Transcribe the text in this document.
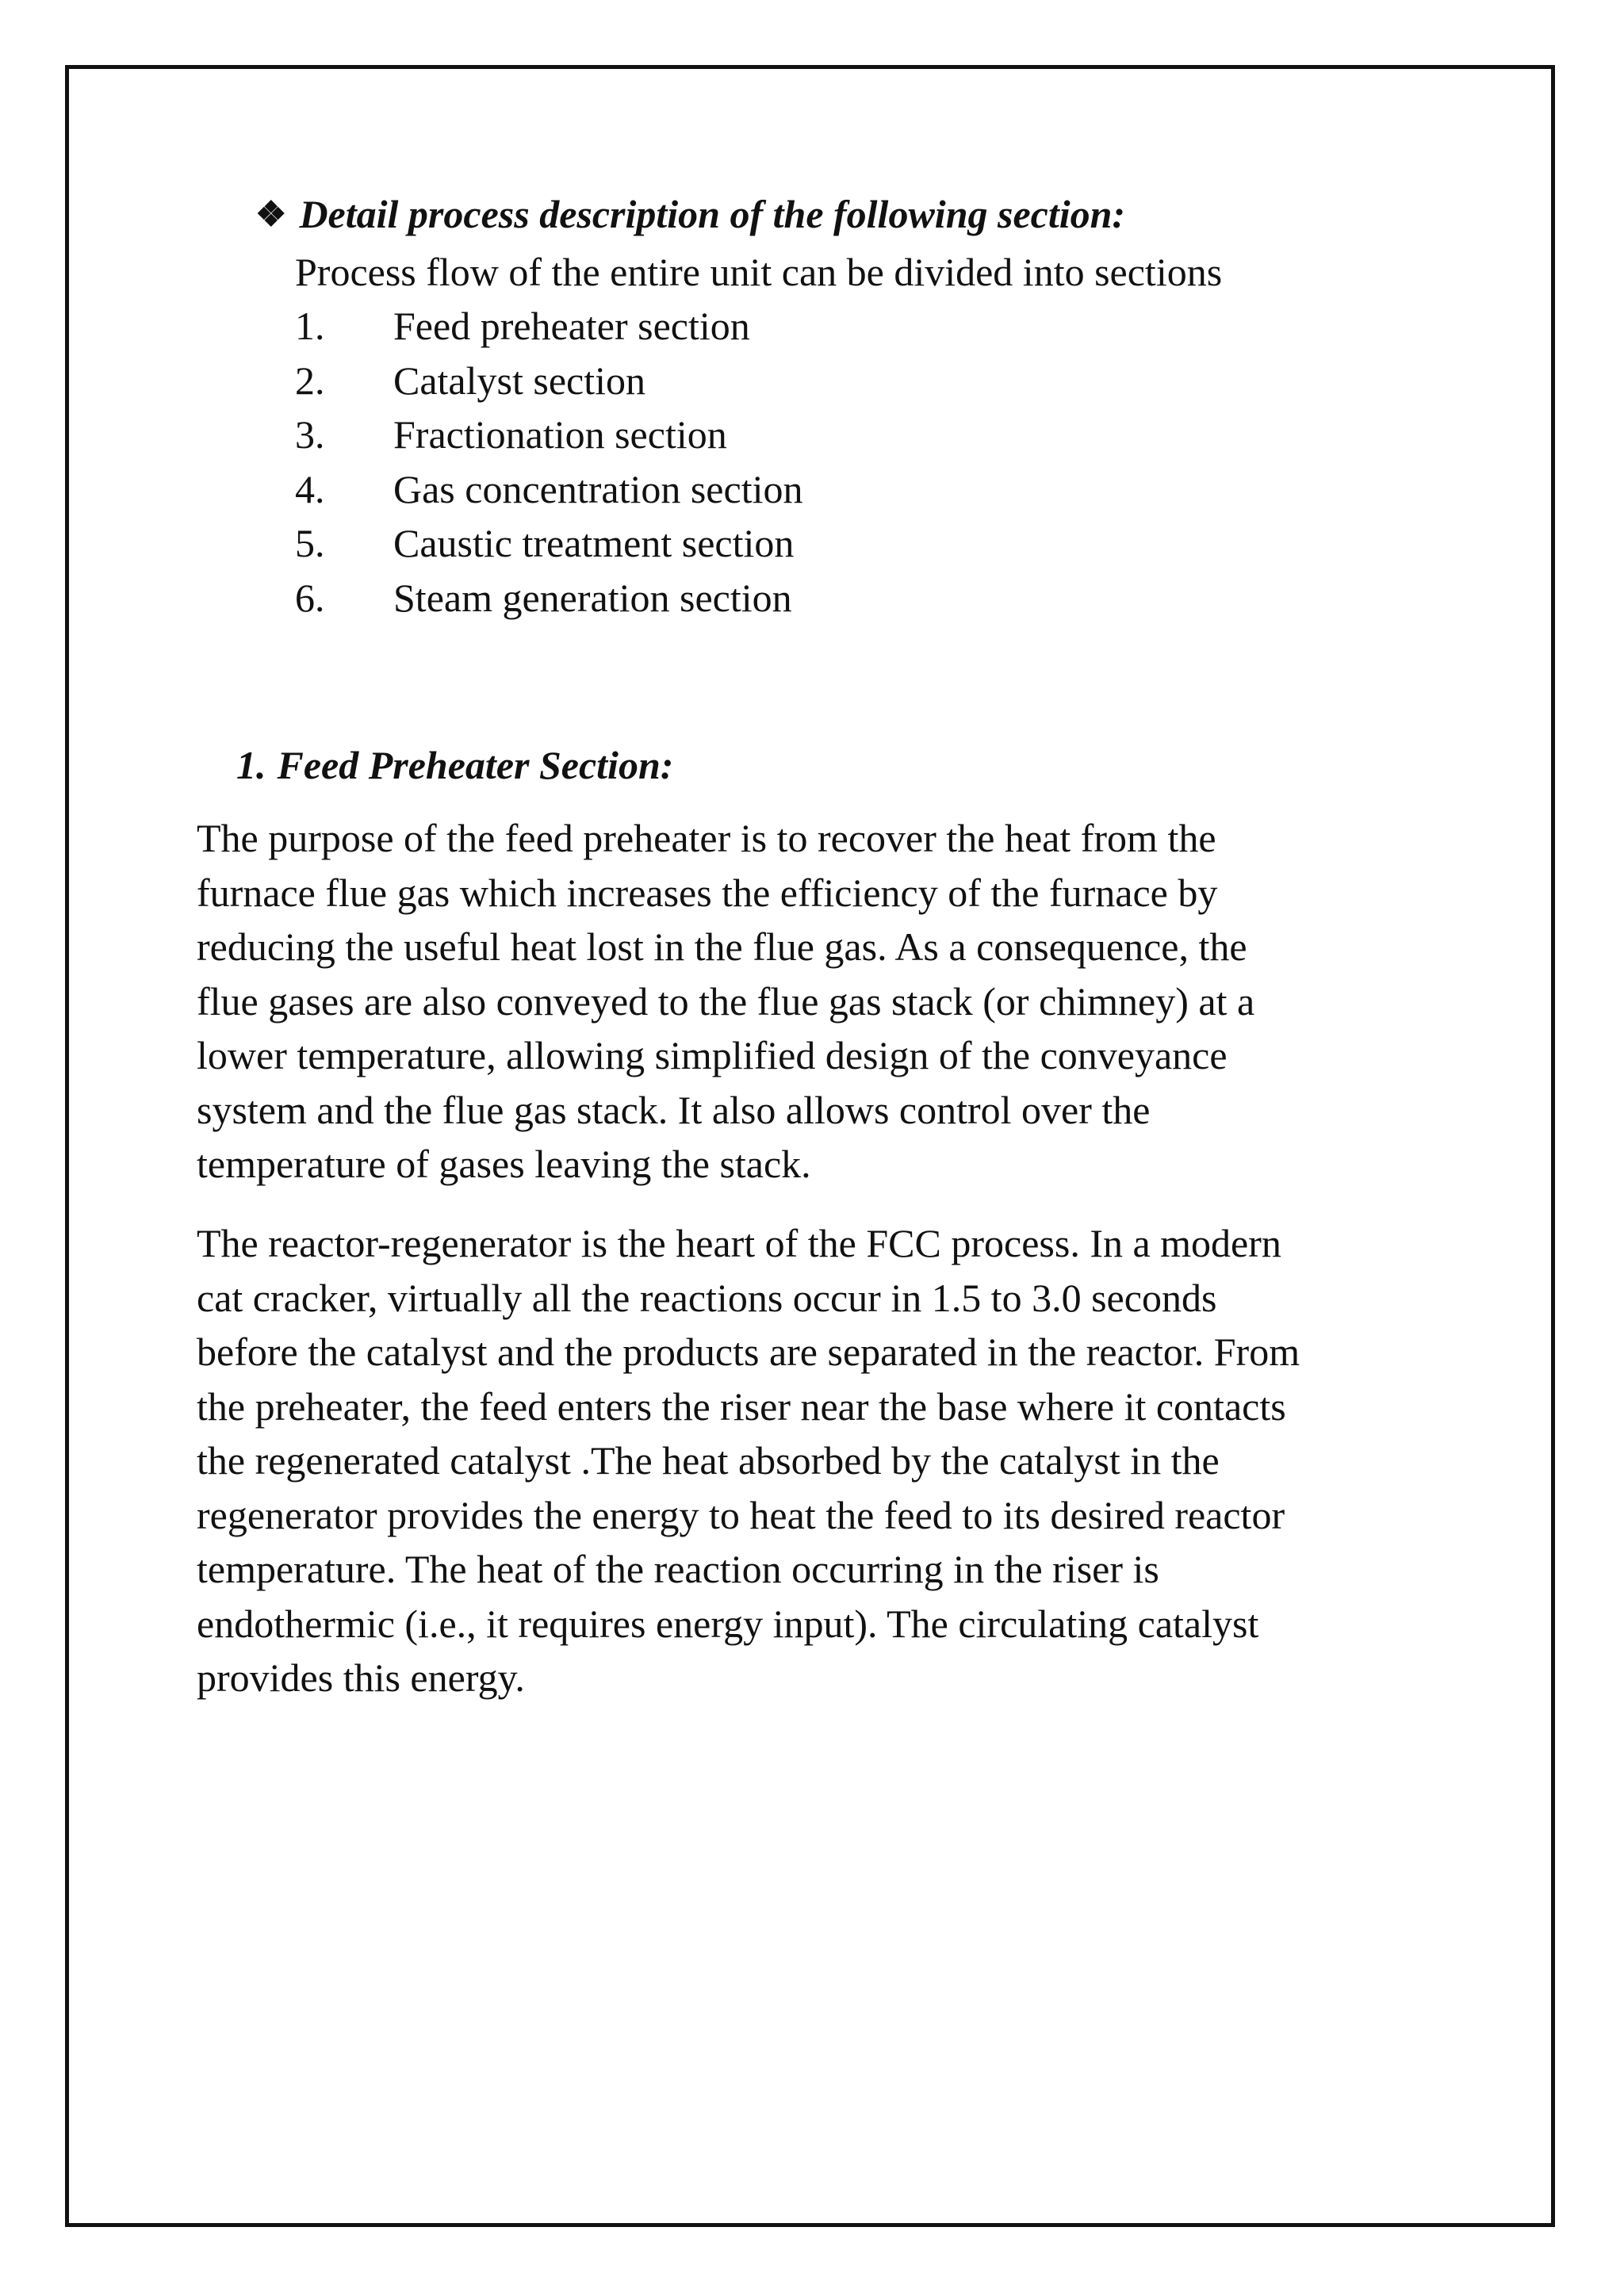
❖ Detail process description of the following section:
Process flow of the entire unit can be divided into sections
1. Feed preheater section
2. Catalyst section
3. Fractionation section
4. Gas concentration section
5. Caustic treatment section
6. Steam generation section
1. Feed Preheater Section:
The purpose of the feed preheater is to recover the heat from the
furnace flue gas which increases the efficiency of the furnace by
reducing the useful heat lost in the flue gas. As a consequence, the
flue gases are also conveyed to the flue gas stack (or chimney) at a
lower temperature, allowing simplified design of the conveyance
system and the flue gas stack. It also allows control over the
temperature of gases leaving the stack.
The reactor-regenerator is the heart of the FCC process. In a modern
cat cracker, virtually all the reactions occur in 1.5 to 3.0 seconds
before the catalyst and the products are separated in the reactor. From
the preheater, the feed enters the riser near the base where it contacts
the regenerated catalyst .The heat absorbed by the catalyst in the
regenerator provides the energy to heat the feed to its desired reactor
temperature. The heat of the reaction occurring in the riser is
endothermic (i.e., it requires energy input). The circulating catalyst
provides this energy.
